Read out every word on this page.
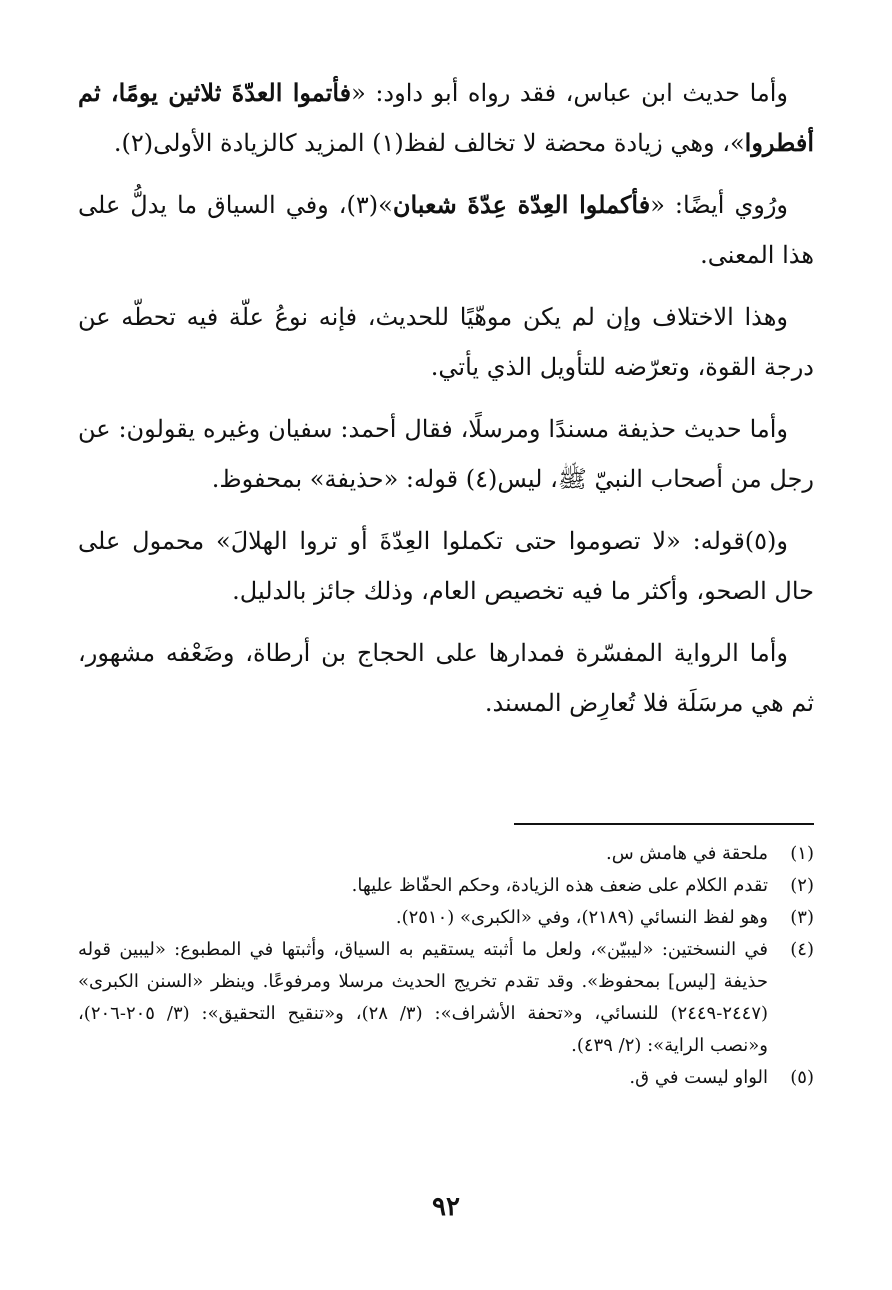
وأما حديث ابن عباس، فقد رواه أبو داود: «فأتموا العدّةَ ثلاثين يومًا، ثم أفطروا»، وهي زيادة محضة لا تخالف لفظ(١) المزيد كالزيادة الأولى(٢).

ورُوي أيضًا: «فأكملوا العِدّة عِدّةَ شعبان»(٣)، وفي السياق ما يدلُّ على هذا المعنى.

وهذا الاختلاف وإن لم يكن موهّيًا للحديث، فإنه نوعُ علّة فيه تحطّه عن درجة القوة، وتعرّضه للتأويل الذي يأتي.

وأما حديث حذيفة مسندًا ومرسلًا، فقال أحمد: سفيان وغيره يقولون: عن رجل من أصحاب النبيّ ﷺ، ليس(٤) قوله: «حذيفة» بمحفوظ.

و(٥)قوله: «لا تصوموا حتى تكملوا العِدّةَ أو تروا الهلالَ» محمول على حال الصحو، وأكثر ما فيه تخصيص العام، وذلك جائز بالدليل.

وأما الرواية المفسّرة فمدارها على الحجاج بن أرطاة، وضَعْفه مشهور، ثم هي مرسَلَة فلا تُعارِض المسند.

(١)
ملحقة في هامش س.
(٢)
تقدم الكلام على ضعف هذه الزيادة، وحكم الحفّاظ عليها.
(٣)
وهو لفظ النسائي (٢١٨٩)، وفي «الكبرى» (٢٥١٠).
(٤)
في النسختين: «ليبيّن»، ولعل ما أثبته يستقيم به السياق، وأثبتها في المطبوع: «ليبين قوله حذيفة [ليس] بمحفوظ». وقد تقدم تخريج الحديث مرسلا ومرفوعًا. وينظر «السنن الكبرى» (٢٤٤٧-٢٤٤٩) للنسائي، و«تحفة الأشراف»: (٣/ ٢٨)، و«تنقيح التحقيق»: (٣/ ٢٠٥-٢٠٦)، و«نصب الراية»: (٢/ ٤٣٩).
(٥)
الواو ليست في ق.
٩٢
